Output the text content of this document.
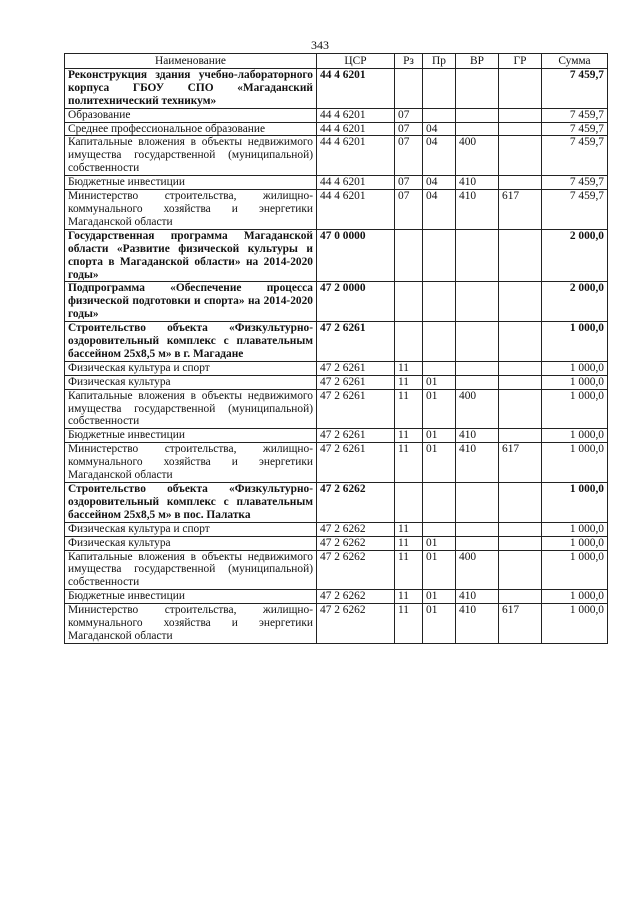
343
Наименование	ЦСР	Рз	Пр	ВР	ГР	Сумма
Реконструкция здания учебно-лабораторного корпуса ГБОУ СПО «Магаданский политехнический техникум»	44 4 6201					7 459,7
Образование	44 4 6201	07				7 459,7
Среднее профессиональное образование	44 4 6201	07	04			7 459,7
Капитальные вложения в объекты недвижимого имущества государственной (муниципальной) собственности	44 4 6201	07	04	400		7 459,7
Бюджетные инвестиции	44 4 6201	07	04	410		7 459,7
Министерство строительства, жилищно-коммунального хозяйства и энергетики Магаданской области	44 4 6201	07	04	410	617	7 459,7
Государственная программа Магаданской области «Развитие физической культуры и спорта в Магаданской области» на 2014-2020 годы»	47 0 0000					2 000,0
Подпрограмма «Обеспечение процесса физической подготовки и спорта» на 2014-2020 годы»	47 2 0000					2 000,0
Строительство объекта «Физкультурно-оздоровительный комплекс с плавательным бассейном 25х8,5 м» в г. Магадане	47 2 6261					1 000,0
Физическая культура и спорт	47 2 6261	11				1 000,0
Физическая культура	47 2 6261	11	01			1 000,0
Капитальные вложения в объекты недвижимого имущества государственной (муниципальной) собственности	47 2 6261	11	01	400		1 000,0
Бюджетные инвестиции	47 2 6261	11	01	410		1 000,0
Министерство строительства, жилищно-коммунального хозяйства и энергетики Магаданской области	47 2 6261	11	01	410	617	1 000,0
Строительство объекта «Физкультурно-оздоровительный комплекс с плавательным бассейном 25х8,5 м» в пос. Палатка	47 2 6262					1 000,0
Физическая культура и спорт	47 2 6262	11				1 000,0
Физическая культура	47 2 6262	11	01			1 000,0
Капитальные вложения в объекты недвижимого имущества государственной (муниципальной) собственности	47 2 6262	11	01	400		1 000,0
Бюджетные инвестиции	47 2 6262	11	01	410		1 000,0
Министерство строительства, жилищно-коммунального хозяйства и энергетики Магаданской области	47 2 6262	11	01	410	617	1 000,0
